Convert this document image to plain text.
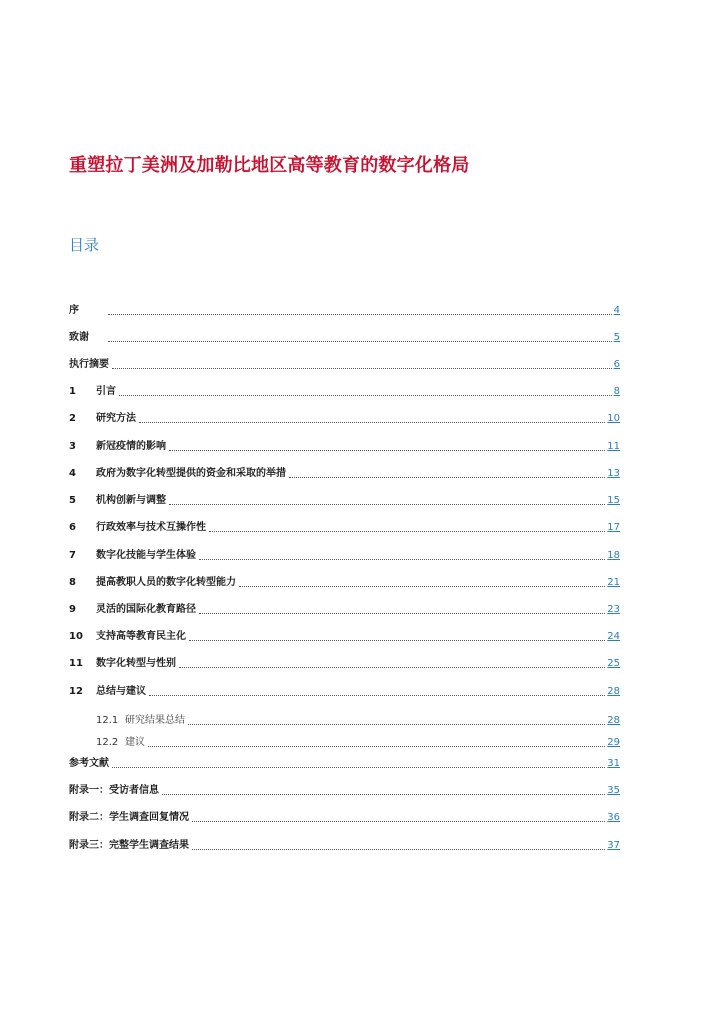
重塑拉丁美洲及加勒比地区高等教育的数字化格局
目录
序	4
致谢	5
执行摘要	6
1	引言	8
2	研究方法	10
3	新冠疫情的影响	11
4	政府为数字化转型提供的资金和采取的举措	13
5	机构创新与调整	15
6	行政效率与技术互操作性	17
7	数字化技能与学生体验	18
8	提高教职人员的数字化转型能力	21
9	灵活的国际化教育路径	23
10	支持高等教育民主化	24
11	数字化转型与性别	25
12	总结与建议	28
12.1 研究结果总结	28
12.2 建议	29
参考文献	31
附录一：受访者信息	35
附录二：学生调查回复情况	36
附录三：完整学生调查结果	37
